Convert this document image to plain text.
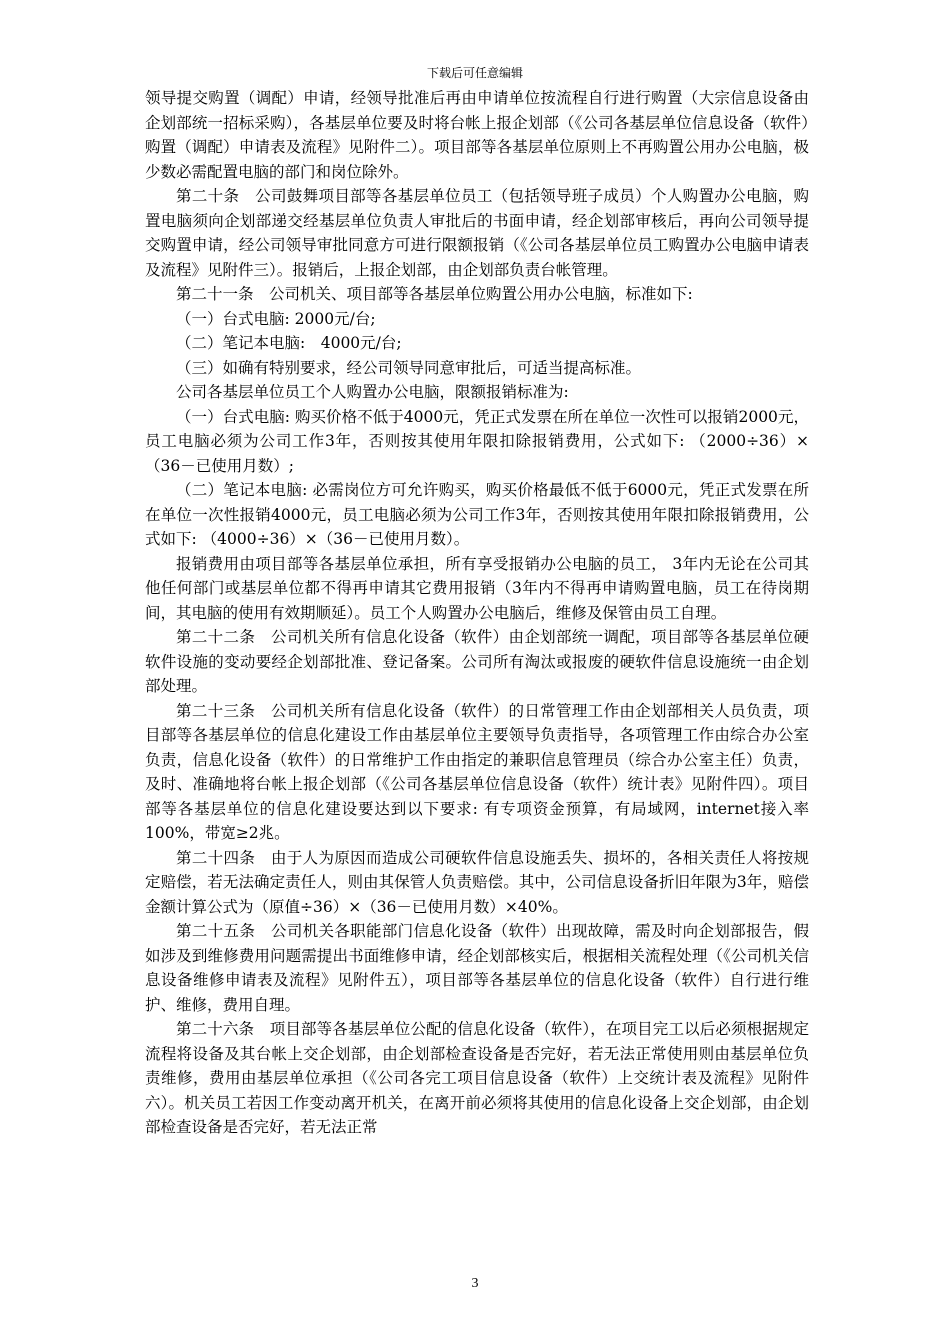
下载后可任意编辑

领导提交购置（调配）申请，经领导批准后再由申请单位按流程自行进行购置（大宗信息设备由企划部统一招标采购），各基层单位要及时将台帐上报企划部（《公司各基层单位信息设备（软件）购置（调配）申请表及流程》见附件二）。项目部等各基层单位原则上不再购置公用办公电脑，极少数必需配置电脑的部门和岗位除外。

第二十条　公司鼓舞项目部等各基层单位员工（包括领导班子成员）个人购置办公电脑，购置电脑须向企划部递交经基层单位负责人审批后的书面申请，经企划部审核后，再向公司领导提交购置申请，经公司领导审批同意方可进行限额报销（《公司各基层单位员工购置办公电脑申请表及流程》见附件三）。报销后，上报企划部，由企划部负责台帐管理。

第二十一条　公司机关、项目部等各基层单位购置公用办公电脑，标准如下:

（一）台式电脑: 2000元/台;

（二）笔记本电脑:　4000元/台;

（三）如确有特别要求，经公司领导同意审批后，可适当提高标准。

公司各基层单位员工个人购置办公电脑，限额报销标准为:

（一）台式电脑: 购买价格不低于4000元，凭正式发票在所在单位一次性可以报销2000元，员工电脑必须为公司工作3年，否则按其使用年限扣除报销费用，公式如下: （2000÷36）×（36－已使用月数）;

（二）笔记本电脑: 必需岗位方可允许购买，购买价格最低不低于6000元，凭正式发票在所在单位一次性报销4000元，员工电脑必须为公司工作3年，否则按其使用年限扣除报销费用，公式如下: （4000÷36）×（36－已使用月数）。

报销费用由项目部等各基层单位承担，所有享受报销办公电脑的员工， 3年内无论在公司其他任何部门或基层单位都不得再申请其它费用报销（3年内不得再申请购置电脑，员工在待岗期间，其电脑的使用有效期顺延）。员工个人购置办公电脑后，维修及保管由员工自理。

第二十二条　公司机关所有信息化设备（软件）由企划部统一调配，项目部等各基层单位硬软件设施的变动要经企划部批准、登记备案。公司所有淘汰或报废的硬软件信息设施统一由企划部处理。

第二十三条　公司机关所有信息化设备（软件）的日常管理工作由企划部相关人员负责，项目部等各基层单位的信息化建设工作由基层单位主要领导负责指导，各项管理工作由综合办公室负责，信息化设备（软件）的日常维护工作由指定的兼职信息管理员（综合办公室主任）负责，及时、准确地将台帐上报企划部（《公司各基层单位信息设备（软件）统计表》见附件四）。项目部等各基层单位的信息化建设要达到以下要求: 有专项资金预算，有局域网，internet接入率100%，带宽≥2兆。

第二十四条　由于人为原因而造成公司硬软件信息设施丢失、损坏的，各相关责任人将按规定赔偿，若无法确定责任人，则由其保管人负责赔偿。其中，公司信息设备折旧年限为3年，赔偿金额计算公式为（原值÷36）×（36－已使用月数）×40%。

第二十五条　公司机关各职能部门信息化设备（软件）出现故障，需及时向企划部报告，假如涉及到维修费用问题需提出书面维修申请，经企划部核实后，根据相关流程处理（《公司机关信息设备维修申请表及流程》见附件五），项目部等各基层单位的信息化设备（软件）自行进行维护、维修，费用自理。

第二十六条　项目部等各基层单位公配的信息化设备（软件），在项目完工以后必须根据规定流程将设备及其台帐上交企划部，由企划部检查设备是否完好，若无法正常使用则由基层单位负责维修，费用由基层单位承担（《公司各完工项目信息设备（软件）上交统计表及流程》见附件六）。机关员工若因工作变动离开机关，在离开前必须将其使用的信息化设备上交企划部，由企划部检查设备是否完好，若无法正常

3
